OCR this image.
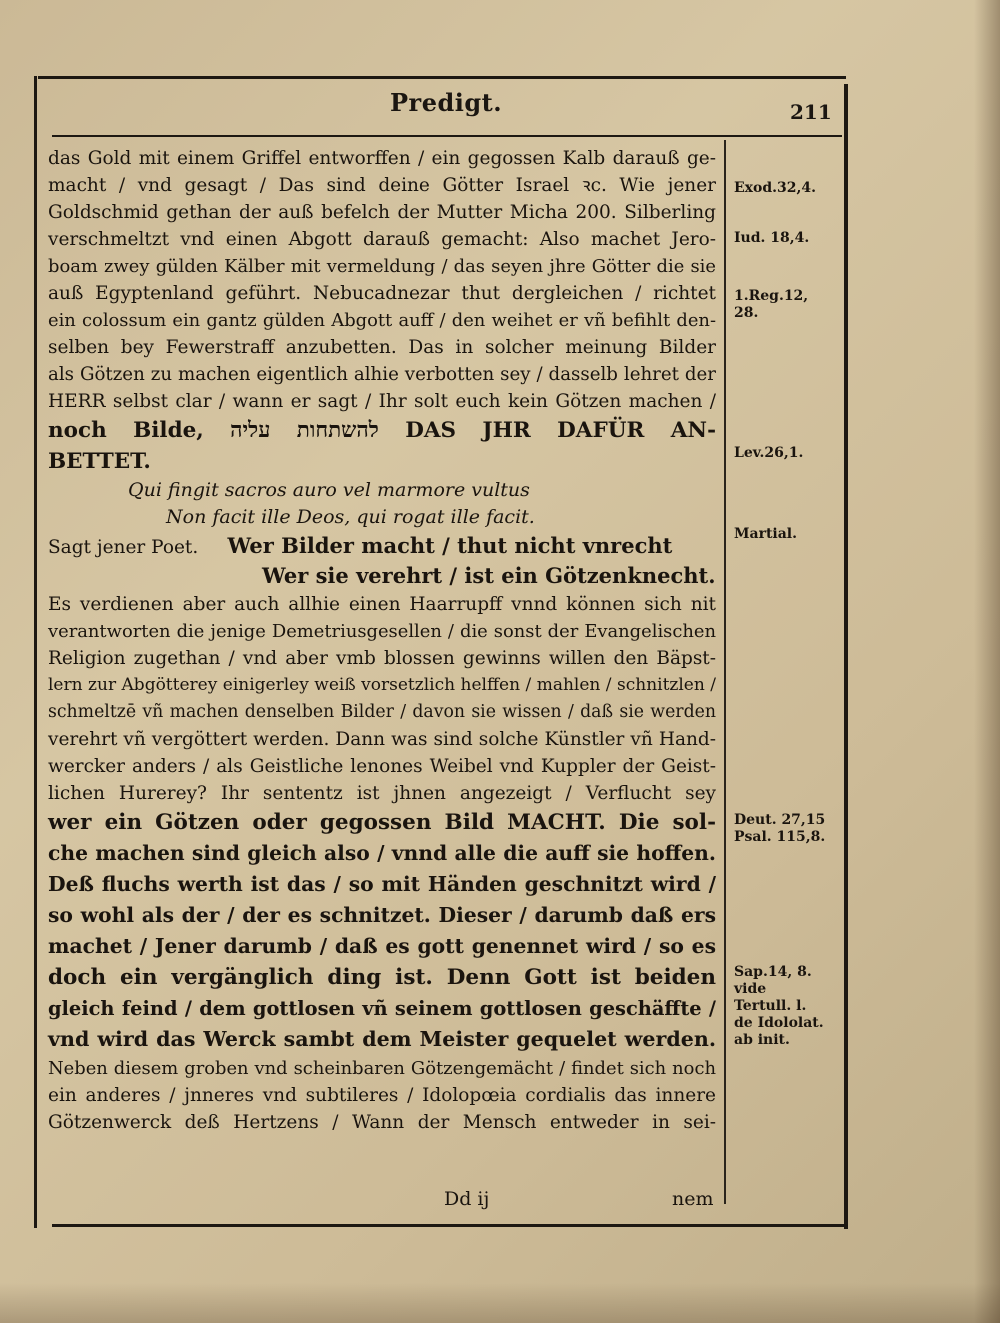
Predigt.	211
das Gold mit einem Griffel entworffen / ein gegossen Kalb darauß ge-
macht / vnd gesagt / Das sind deine Götter Israel ꝛc. Wie jener
Goldschmid gethan der auß befelch der Mutter Micha 200. Silberling
verschmeltzt vnd einen Abgott darauß gemacht: Also machet Jero-
boam zwey gülden Kälber mit vermeldung / das seyen jhre Götter die sie
auß Egyptenland geführt. Nebucadnezar thut dergleichen / richtet
ein colossum ein gantz gülden Abgott auff / den weihet er vñ befihlt den-
selben bey Fewerstraff anzubetten. Das in solcher meinung Bilder
als Götzen zu machen eigentlich alhie verbotten sey / dasselb lehret der
HERR selbst clar / wann er sagt / Ihr solt euch kein Götzen machen /
noch Bilde, להשתחות עליה DAS JHR DAFÜR AN-
BETTET.
Qui fingit sacros auro vel marmore vultus
Non facit ille Deos, qui rogat ille facit.
Sagt jener Poet. Wer Bilder macht / thut nicht vnrecht
Wer sie verehrt / ist ein Götzenknecht.
Es verdienen aber auch allhie einen Haarrupff vnnd können sich nit
verantworten die jenige Demetriusgesellen / die sonst der Evangelischen
Religion zugethan / vnd aber vmb blossen gewinns willen den Bäpst-
lern zur Abgötterey einigerley weiß vorsetzlich helffen / mahlen / schnitzlen /
schmeltzē vñ machen denselben Bilder / davon sie wissen / daß sie werden
verehrt vñ vergöttert werden. Dann was sind solche Künstler vñ Hand-
wercker anders / als Geistliche lenones Weibel vnd Kuppler der Geist-
lichen Hurerey? Ihr sententz ist jhnen angezeigt / Verflucht sey
wer ein Götzen oder gegossen Bild MACHT. Die sol-
che machen sind gleich also / vnnd alle die auff sie hoffen.
Deß fluchs werth ist das / so mit Händen geschnitzt wird /
so wohl als der / der es schnitzet. Dieser / darumb daß ers
machet / Jener darumb / daß es gott genennet wird / so es
doch ein vergänglich ding ist. Denn Gott ist beiden
gleich feind / dem gottlosen vñ seinem gottlosen geschäffte /
vnd wird das Werck sambt dem Meister gequelet werden.
Neben diesem groben vnd scheinbaren Götzengemächt / findet sich noch
ein anderes / jnneres vnd subtileres / Idolopœia cordialis das innere
Götzenwerck deß Hertzens / Wann der Mensch entweder in sei-
Exod.32,4.
Iud. 18,4.
1.Reg.12, 28.
Lev.26,1.
Martial.
Deut. 27,15 Psal. 115,8.
Sap.14, 8. vide Tertull. l. de Idololat. ab init.
Dd ij	nem
